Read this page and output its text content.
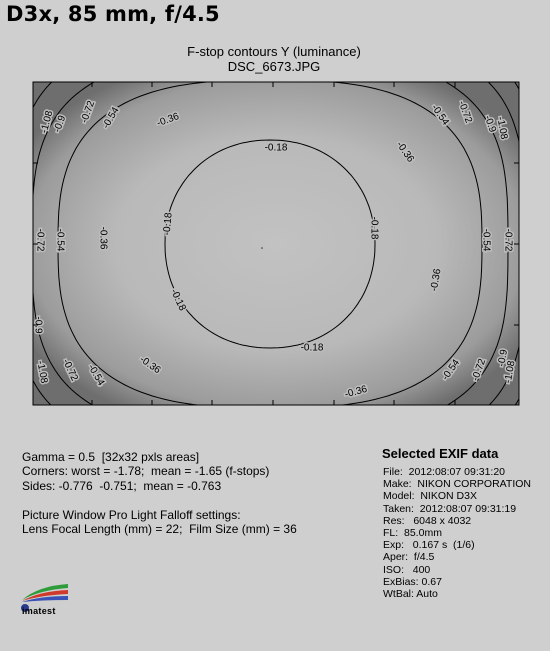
D3x, 85 mm, f/4.5
F-stop contours Y (luminance)
DSC_6673.JPG
-0.18
-0.18
-0.18
-0.18
-0.18
-0.36
-0.36
-0.36
-0.36
-0.36
-0.36
-0.54	-0.54
-0.54	-0.54
-0.54	-0.54
-0.72	-0.72
-0.72	-0.72
-0.72	-0.72
-0.9	-0.9
-0.9
-0.9
-1.08	-1.08
-1.08	-1.08
Gamma = 0.5  [32x32 pxls areas]
Corners: worst = -1.78;  mean = -1.65 (f-stops)
Sides: -0.776  -0.751;  mean = -0.763
Picture Window Pro Light Falloff settings:
Lens Focal Length (mm) = 22;  Film Size (mm) = 36
Selected EXIF data
File:  2012:08:07 09:31:20
Make:  NIKON CORPORATION
Model:  NIKON D3X
Taken:  2012:08:07 09:31:19
Res:   6048 x 4032
FL:  85.0mm
Exp:   0.167 s  (1/6)
Aper:  f/4.5
ISO:   400
ExBias: 0.67
WtBal: Auto
imatest
